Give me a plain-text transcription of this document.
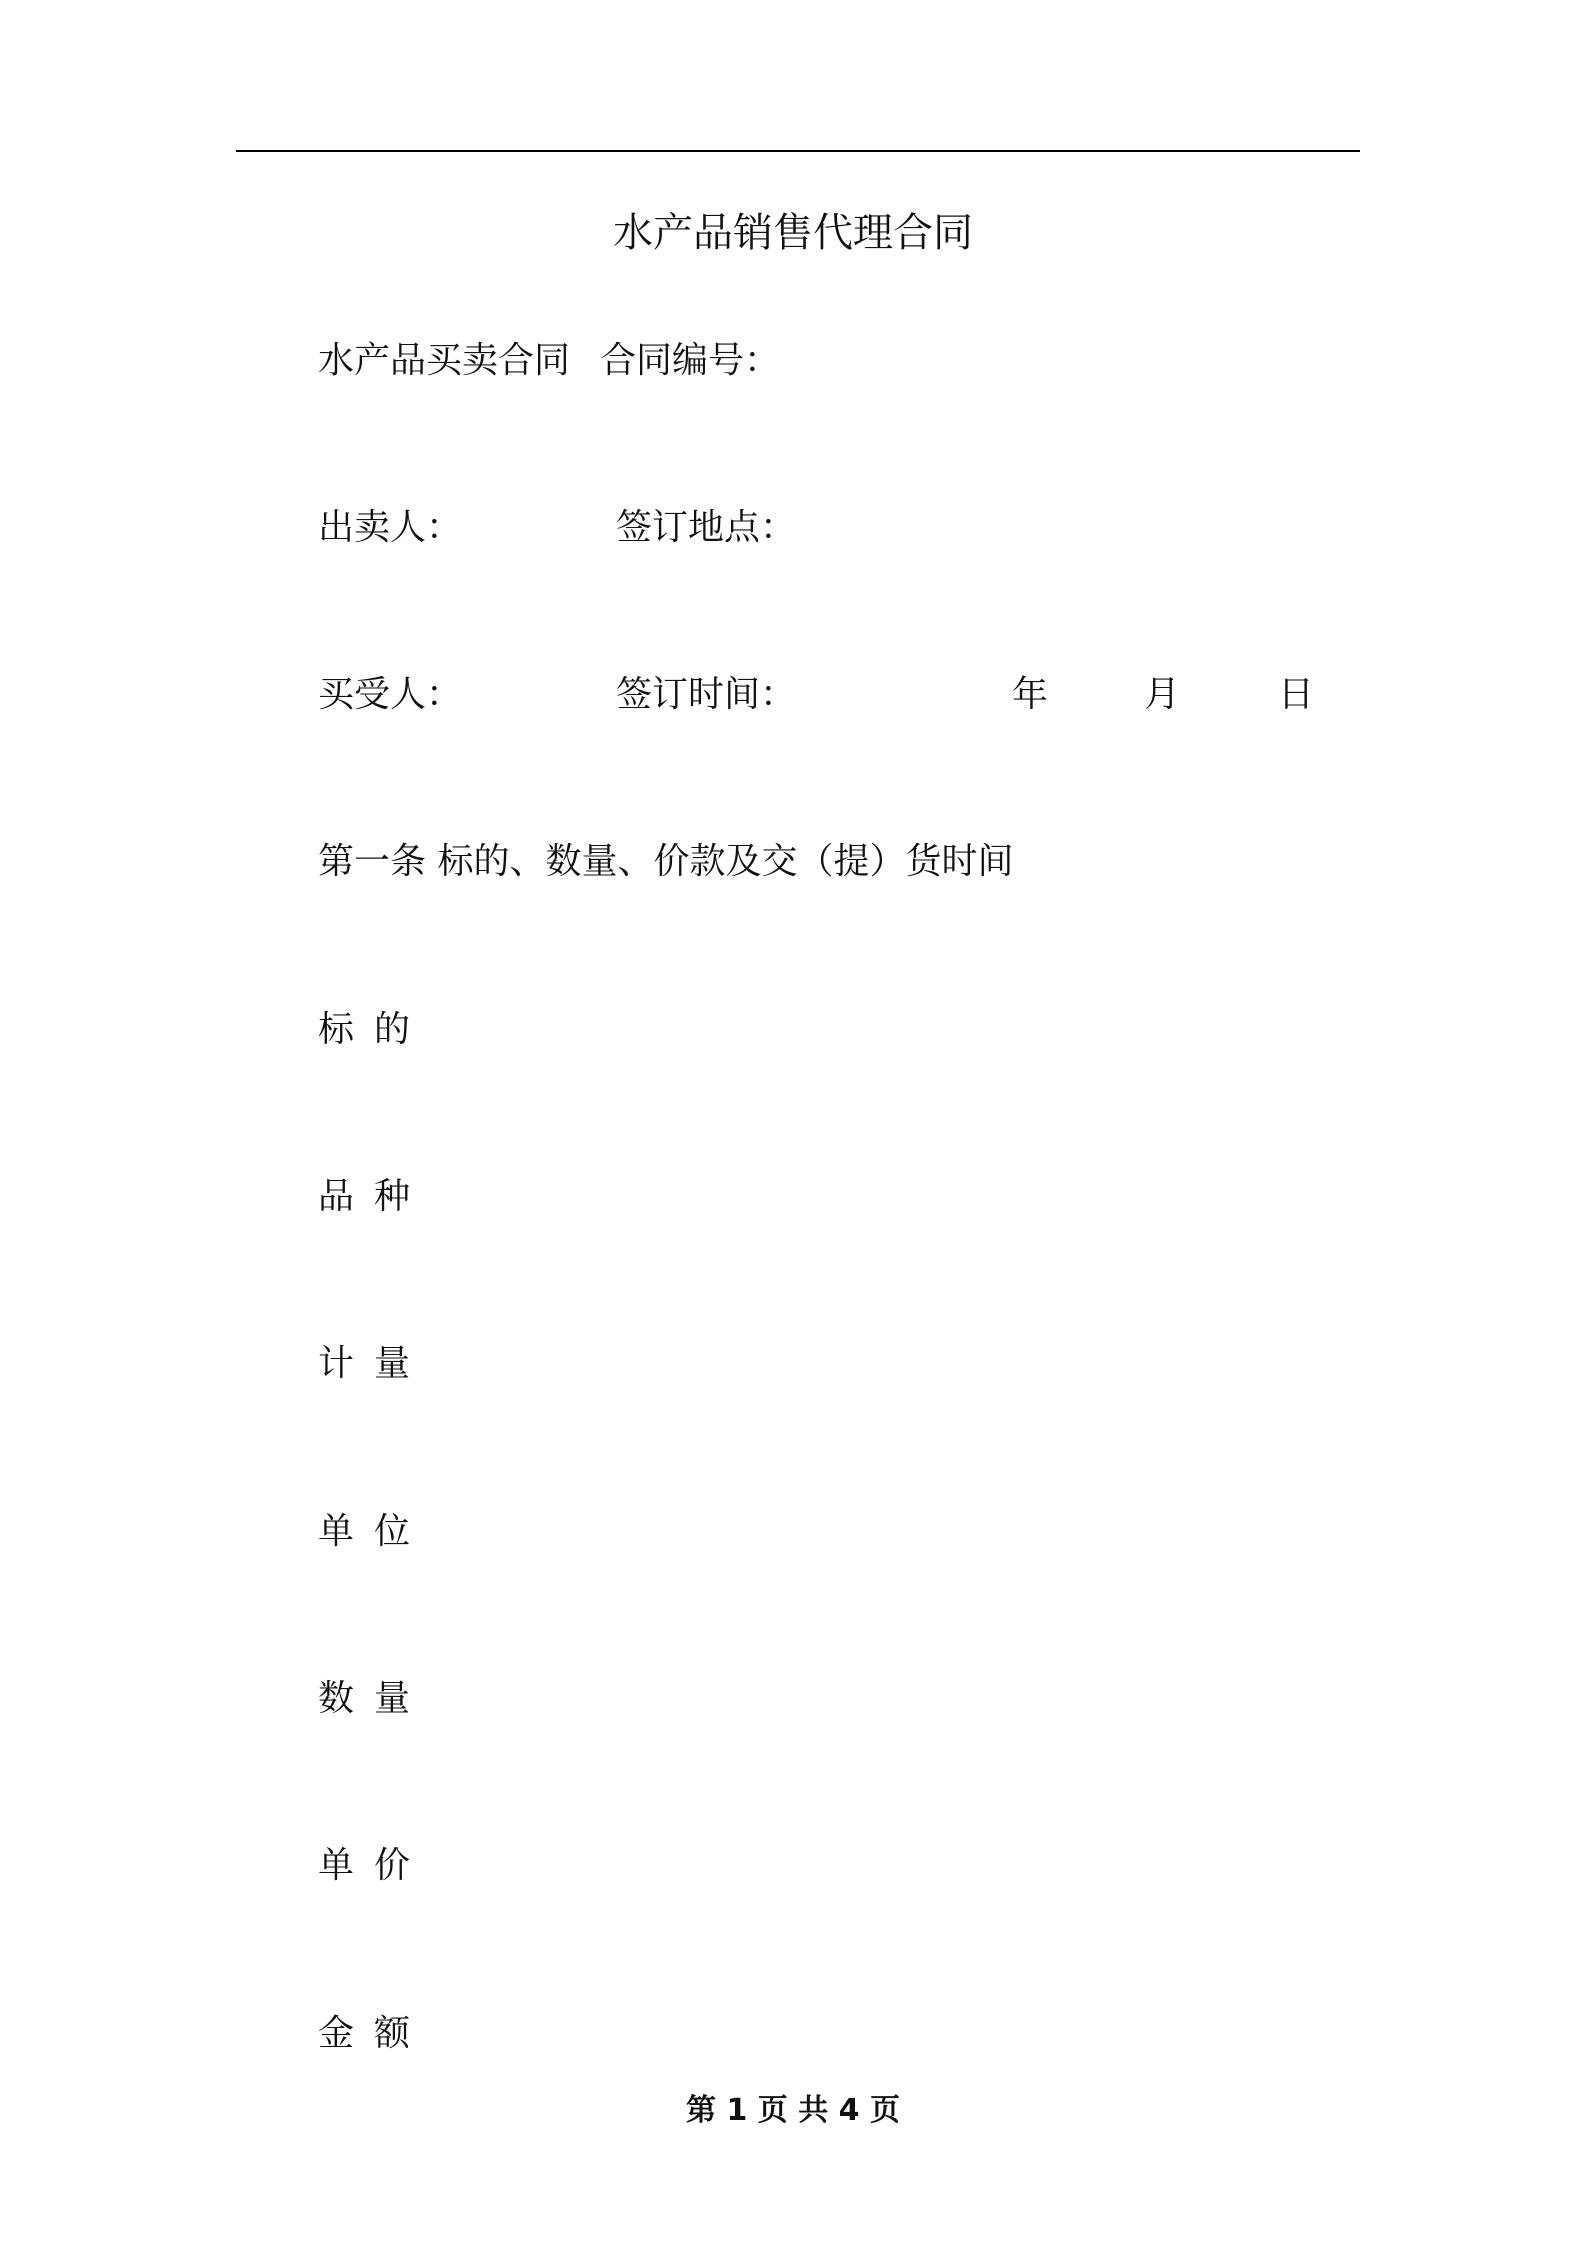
水产品销售代理合同
水产品买卖合同 合同编号：
出卖人：	签订地点：
买受人：	签订时间：	年	月	日
第一条 标的、数量、价款及交（提）货时间
标的
品种
计量
单位
数量
单价
金额
第 1 页 共 4 页
